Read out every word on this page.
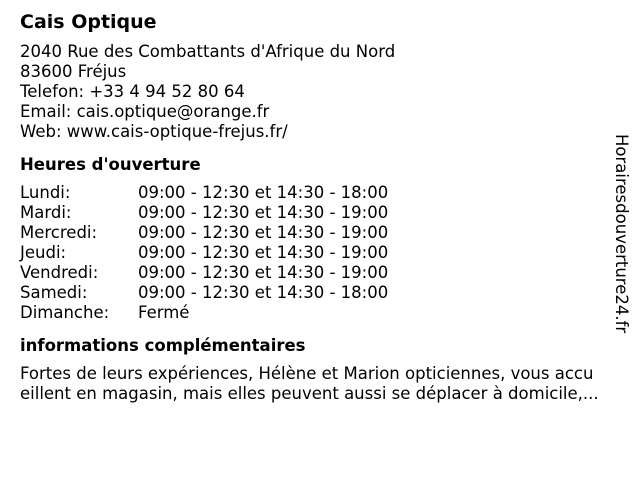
Cais Optique
2040 Rue des Combattants d'Afrique du Nord
83600 Fréjus
Telefon: +33 4 94 52 80 64
Email: cais.optique@orange.fr
Web: www.cais-optique-frejus.fr/
Heures d'ouverture
Lundi:	09:00 - 12:30 et 14:30 - 18:00
Mardi:	09:00 - 12:30 et 14:30 - 19:00
Mercredi:	09:00 - 12:30 et 14:30 - 19:00
Jeudi:	09:00 - 12:30 et 14:30 - 19:00
Vendredi:	09:00 - 12:30 et 14:30 - 19:00
Samedi:	09:00 - 12:30 et 14:30 - 18:00
Dimanche:	Fermé
informations complémentaires
Fortes de leurs expériences, Hélène et Marion opticiennes, vous accu
eillent en magasin, mais elles peuvent aussi se déplacer à domicile,...
Horairesdouverture24.fr
